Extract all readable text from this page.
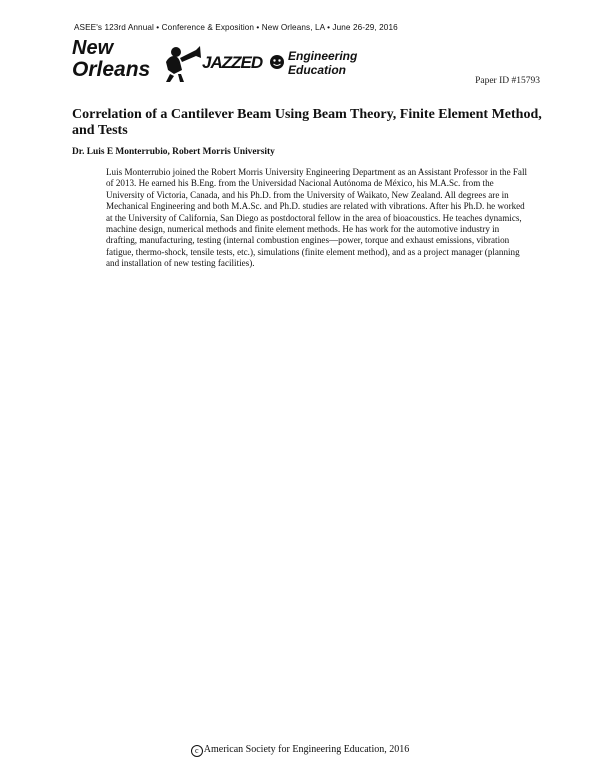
ASEE's 123rd Annual • Conference & Exposition • New Orleans, LA • June 26-29, 2016
New
Orleans	JAZZED Engineering
Education
Paper ID #15793
Correlation of a Cantilever Beam Using Beam Theory, Finite Element Method, and Tests
Dr. Luis E Monterrubio, Robert Morris University

Luis Monterrubio joined the Robert Morris University Engineering Department as an Assistant Professor in the Fall of 2013. He earned his B.Eng. from the Universidad Nacional Autónoma de México, his M.A.Sc. from the University of Victoria, Canada, and his Ph.D. from the University of Waikato, New Zealand. All degrees are in Mechanical Engineering and both M.A.Sc. and Ph.D. studies are related with vibrations. After his Ph.D. he worked at the University of California, San Diego as postdoctoral fellow in the area of bioacoustics. He teaches dynamics, machine design, numerical methods and finite element methods. He has work for the automotive industry in drafting, manufacturing, testing (internal combustion engines—power, torque and exhaust emissions, vibration fatigue, thermo-shock, tensile tests, etc.), simulations (finite element method), and as a project manager (planning and installation of new testing facilities).

c American Society for Engineering Education, 2016
